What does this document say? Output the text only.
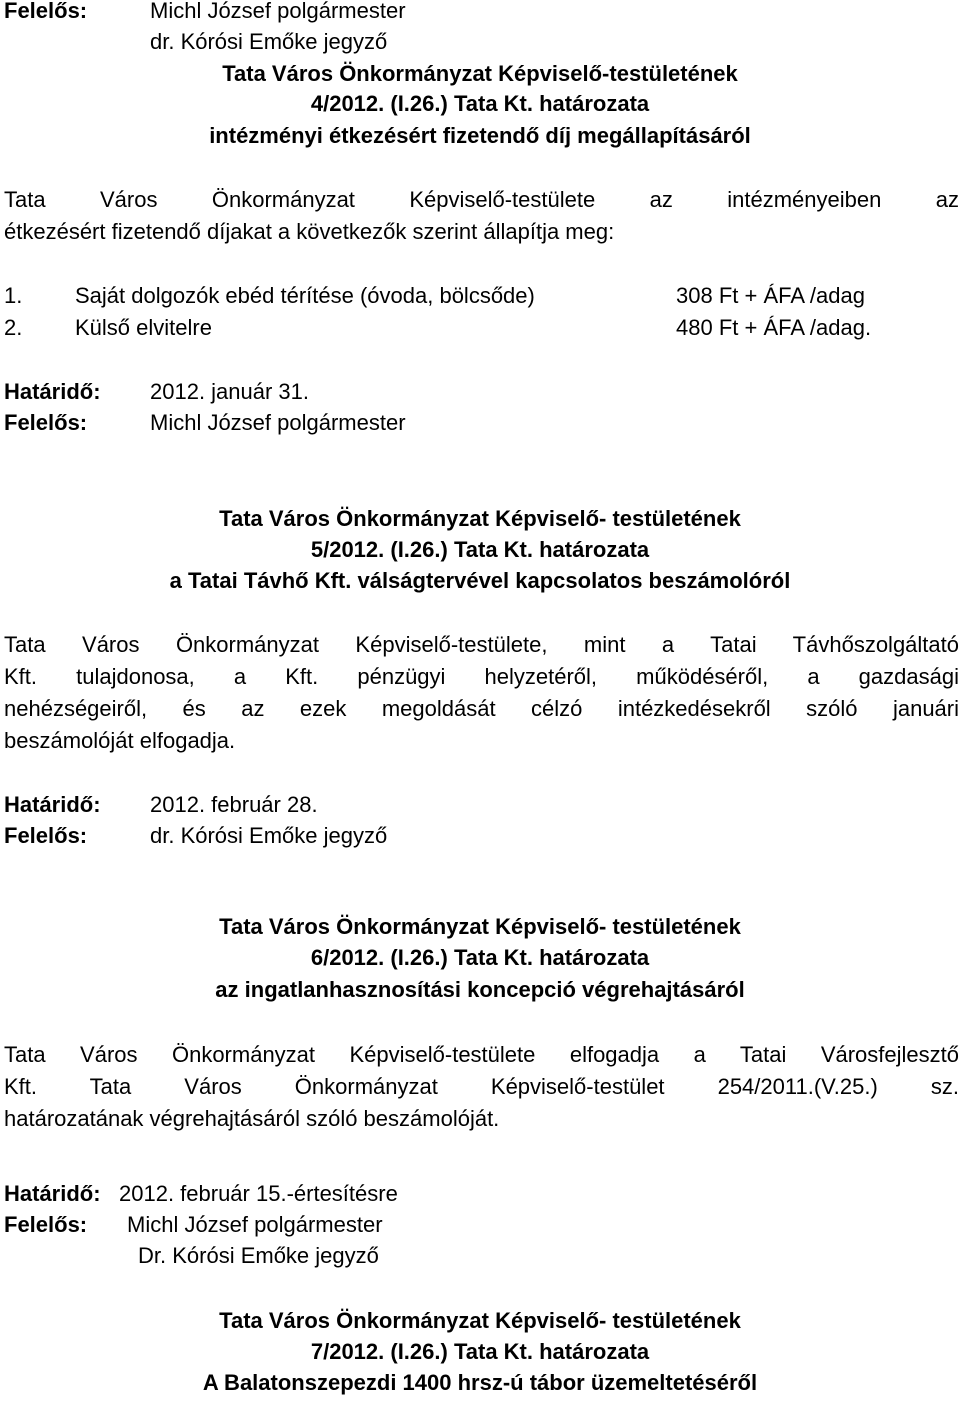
Felelős:	Michl József polgármester
dr. Kórósi Emőke jegyző
Tata Város Önkormányzat Képviselő-testületének
4/2012. (I.26.) Tata Kt. határozata
intézményi étkezésért fizetendő díj megállapításáról
Tata Város Önkormányzat Képviselő-testülete az intézményeiben az
étkezésért fizetendő díjakat a következők szerint állapítja meg:
1. Saját dolgozók ebéd térítése (óvoda, bölcsőde)	308 Ft + ÁFA /adag
2. Külső elvitelre	480 Ft + ÁFA /adag.
Határidő: 2012. január 31.
Felelős:	Michl József polgármester
Tata Város Önkormányzat Képviselő- testületének
5/2012. (I.26.) Tata Kt. határozata
a Tatai Távhő Kft. válságtervével kapcsolatos beszámolóról
Tata Város Önkormányzat Képviselő-testülete, mint a Tatai Távhőszolgáltató
Kft. tulajdonosa, a Kft. pénzügyi helyzetéről, működéséről, a gazdasági
nehézségeiről, és az ezek megoldását célzó intézkedésekről szóló januári
beszámolóját elfogadja.
Határidő: 2012. február 28.
Felelős:	dr. Kórósi Emőke jegyző
Tata Város Önkormányzat Képviselő- testületének
6/2012. (I.26.) Tata Kt. határozata
az ingatlanhasznosítási koncepció végrehajtásáról
Tata Város Önkormányzat Képviselő-testülete elfogadja a Tatai Városfejlesztő
Kft. Tata Város Önkormányzat Képviselő-testület 254/2011.(V.25.) sz.
határozatának végrehajtásáról szóló beszámolóját.
Határidő: 2012. február 15.-értesítésre
Felelős: Michl József polgármester
Dr. Kórósi Emőke jegyző
Tata Város Önkormányzat Képviselő- testületének
7/2012. (I.26.) Tata Kt. határozata
A Balatonszepezdi 1400 hrsz-ú tábor üzemeltetéséről
